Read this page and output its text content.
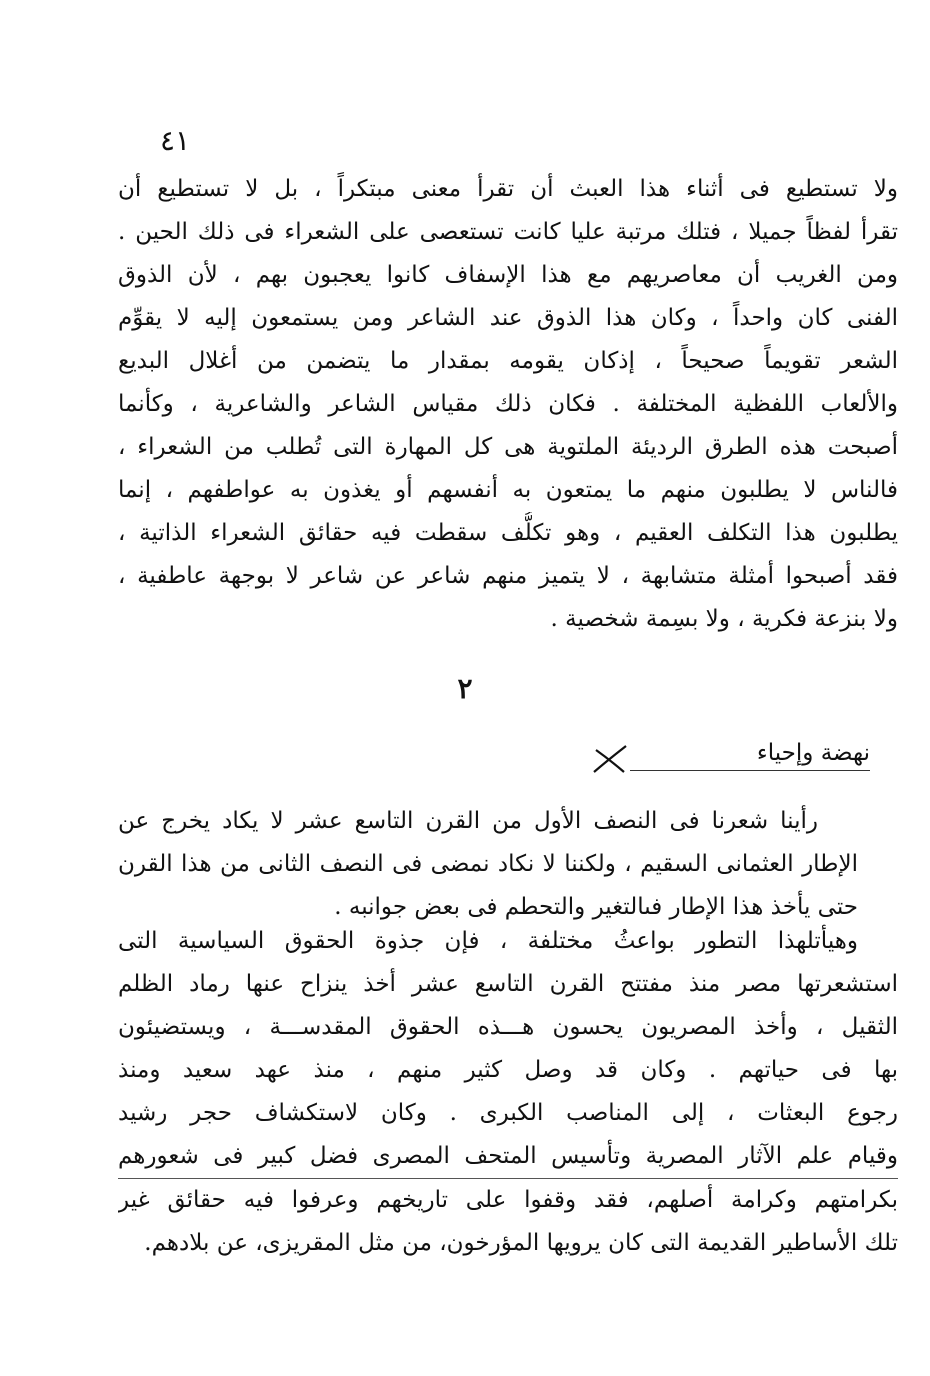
٤١
ولا تستطيع فى أثناء هذا العبث أن تقرأ معنى مبتكراً ، بل لا تستطيع أن
تقرأ لفظاً جميلا ، فتلك مرتبة عليا كانت تستعصى على الشعراء فى ذلك الحين .
ومن الغريب أن معاصريهم مع هذا الإسفاف كانوا يعجبون بهم ، لأن الذوق
الفنى كان واحداً ، وكان هذا الذوق عند الشاعر ومن يستمعون إليه لا يقوِّم
الشعر تقويماً صحيحاً ، إذكان يقومه بمقدار ما يتضمن من أغلال البديع
والألعاب اللفظية المختلفة . فكان ذلك مقياس الشاعر والشاعرية ، وكأنما
أصبحت هذه الطرق الرديئة الملتوية هى كل المهارة التى تُطلب من الشعراء ،
فالناس لا يطلبون منهم ما يمتعون به أنفسهم أو يغذون به عواطفهم ، إنما
يطلبون هذا التكلف العقيم ، وهو تكلُّف سقطت فيه حقائق الشعراء الذاتية ،
فقد أصبحوا أمثلة متشابهة ، لا يتميز منهم شاعر عن شاعر لا بوجهة عاطفية ،
ولا بنزعة فكرية ، ولا بسِمة شخصية .
٢
نهضة وإحياء
رأينا شعرنا فى النصف الأول من القرن التاسع عشر لا يكاد يخرج عن
الإطار العثمانى السقيم ، ولكننا لا نكاد نمضى فى النصف الثانى من هذا القرن
حتى يأخذ هذا الإطار فىالتغير والتحطم فى بعض جوانبه .
وهيأتلهذا التطور بواعثُ مختلفة ، فإن جذوة الحقوق السياسية التى
استشعرتها مصر منذ مفتتح القرن التاسع عشر أخذ ينزاح عنها رماد الظلم
الثقيل ، وأخذ المصريون يحسون هـــذه الحقوق المقدســـة ، ويستضيئون
بها فى حياتهم . وكان قد وصل كثير منهم ، منذ عهد سعيد ومنذ
رجوع البعثات ، إلى المناصب الكبرى . وكان لاستكشاف حجر رشيد
وقيام علم الآثار المصرية وتأسيس المتحف المصرى فضل كبير فى شعورهم
بكرامتهم وكرامة أصلهم، فقد وقفوا على تاريخهم وعرفوا فيه حقائق غير
تلك الأساطير القديمة التى كان يرويها المؤرخون، من مثل المقريزى، عن بلادهم.
